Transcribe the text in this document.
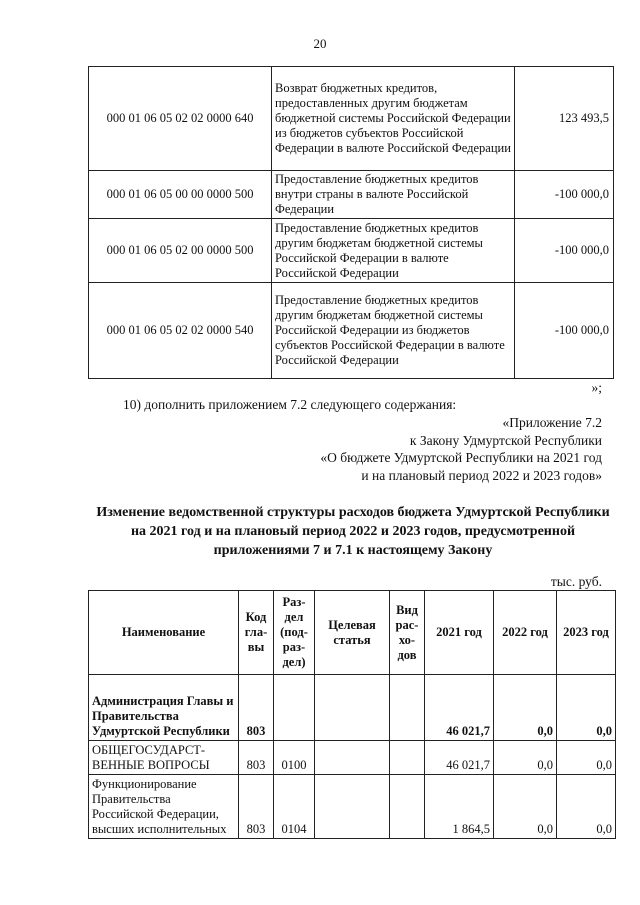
20
000 01 06 05 02 02 0000 640	Возврат бюджетных кредитов, предоставленных другим бюджетам бюджетной системы Российской Федерации из бюджетов субъектов Российской Федерации в валюте Российской Федерации	123 493,5
000 01 06 05 00 00 0000 500	Предоставление бюджетных кредитов внутри страны в валюте Российской Федерации	-100 000,0
000 01 06 05 02 00 0000 500	Предоставление бюджетных кредитов другим бюджетам бюджетной системы Российской Федерации в валюте Российской Федерации	-100 000,0
000 01 06 05 02 02 0000 540	Предоставление бюджетных кредитов другим бюджетам бюджетной системы Российской Федерации из бюджетов субъектов Российской Федерации в валюте Российской Федерации	-100 000,0
»;
10) дополнить приложением 7.2 следующего содержания:
«Приложение 7.2
к Закону Удмуртской Республики
«О бюджете Удмуртской Республики на 2021 год
и на плановый период 2022 и 2023 годов»
Изменение ведомственной структуры расходов бюджета Удмуртской Республики на 2021 год и на плановый период 2022 и 2023 годов, предусмотренной приложениями 7 и 7.1 к настоящему Закону
тыс. руб.
Наименование	Код гла-вы	Раз-дел (под-раз-дел)	Целевая статья	Вид рас-хо-дов	2021 год	2022 год	2023 год
Администрация Главы и Правительства Удмуртской Республики	803				46 021,7	0,0	0,0
ОБЩЕГОСУДАРСТ-ВЕННЫЕ ВОПРОСЫ	803	0100			46 021,7	0,0	0,0
Функционирование Правительства Российской Федерации, высших исполнительных	803	0104			1 864,5	0,0	0,0
